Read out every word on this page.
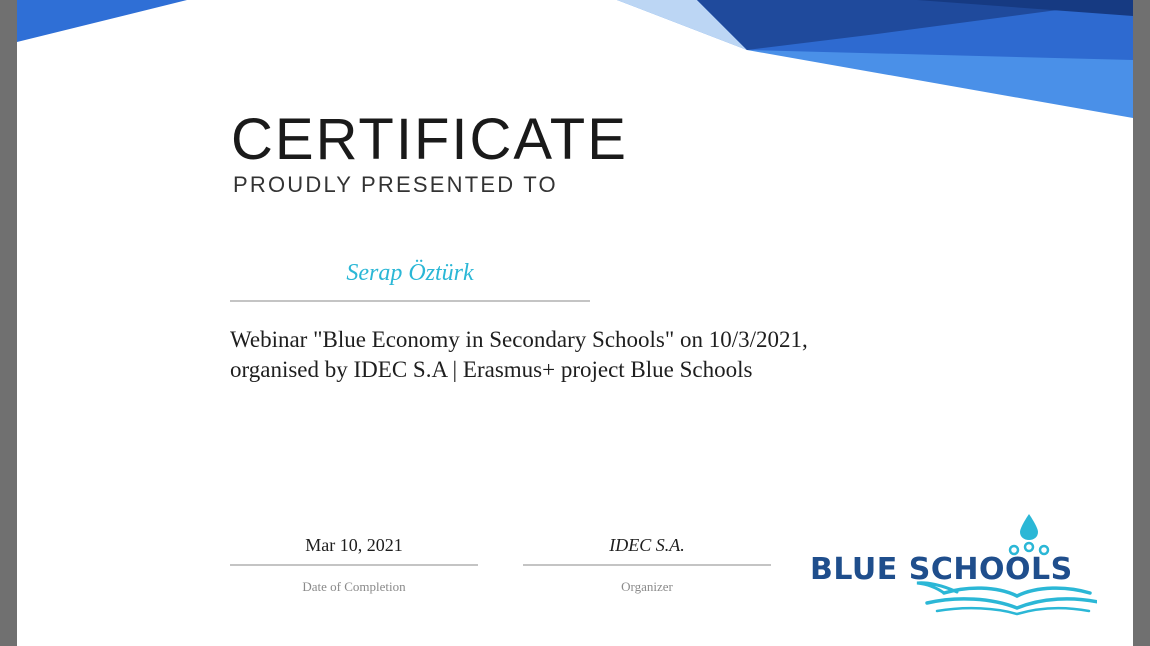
CERTIFICATE
PROUDLY PRESENTED TO
Serap Öztürk

Webinar "Blue Economy in Secondary Schools" on 10/3/2021, organised by IDEC S.A | Erasmus+ project Blue Schools

Mar 10, 2021
Date of Completion
IDEC S.A.
Organizer	BLUE SCHOOLS
